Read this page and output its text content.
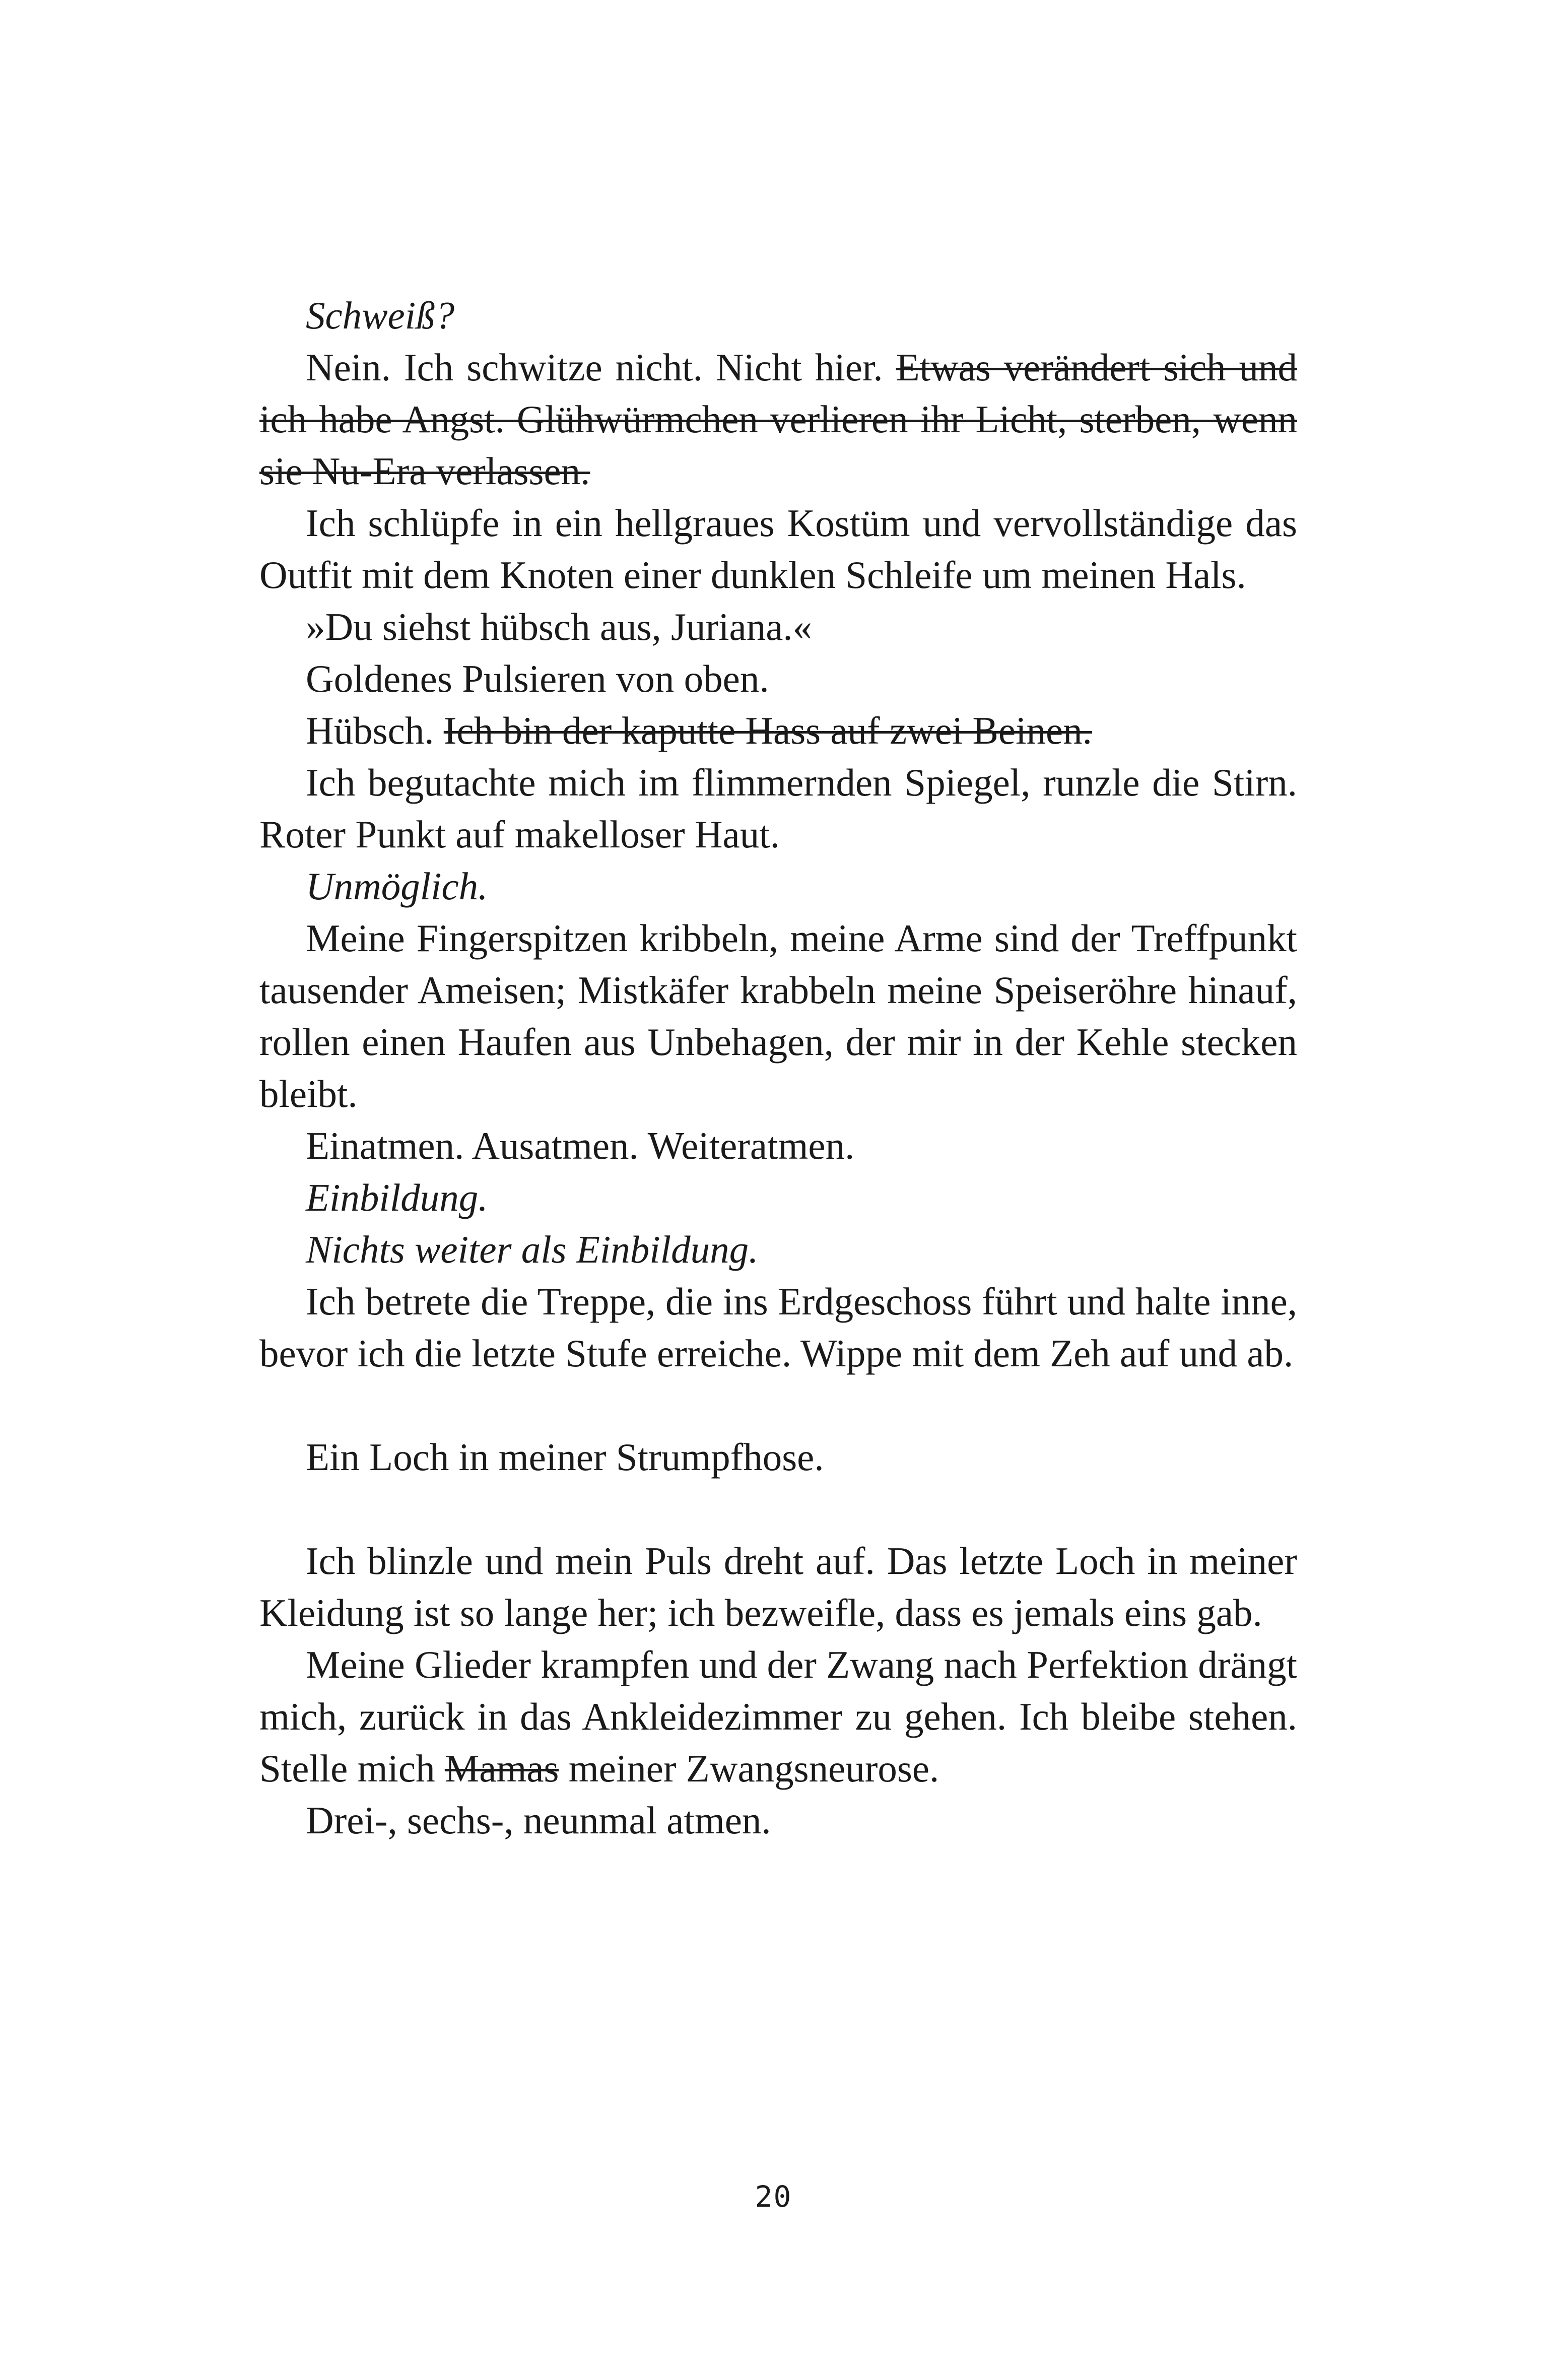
Schweiß?

Nein. Ich schwitze nicht. Nicht hier. Etwas verändert sich und ich habe Angst. Glühwürmchen verlieren ihr Licht, sterben, wenn sie Nu-Era verlassen.

Ich schlüpfe in ein hellgraues Kostüm und vervollständige das Outfit mit dem Knoten einer dunklen Schleife um meinen Hals.

»Du siehst hübsch aus, Juriana.«

Goldenes Pulsieren von oben.

Hübsch. Ich bin der kaputte Hass auf zwei Beinen.

Ich begutachte mich im flimmernden Spiegel, runzle die Stirn. Roter Punkt auf makelloser Haut.

Unmöglich.

Meine Fingerspitzen kribbeln, meine Arme sind der Treffpunkt tausender Ameisen; Mistkäfer krabbeln meine Speiseröhre hinauf, rollen einen Haufen aus Unbehagen, der mir in der Kehle stecken bleibt.

Einatmen. Ausatmen. Weiteratmen.

Einbildung.

Nichts weiter als Einbildung.

Ich betrete die Treppe, die ins Erdgeschoss führt und halte inne, bevor ich die letzte Stufe erreiche. Wippe mit dem Zeh auf und ab.

Ein Loch in meiner Strumpfhose.

Ich blinzle und mein Puls dreht auf. Das letzte Loch in meiner Kleidung ist so lange her; ich bezweifle, dass es jemals eins gab.

Meine Glieder krampfen und der Zwang nach Perfektion drängt mich, zurück in das Ankleidezimmer zu gehen. Ich bleibe stehen. Stelle mich Mamas meiner Zwangsneurose.

Drei-, sechs-, neunmal atmen.

20
